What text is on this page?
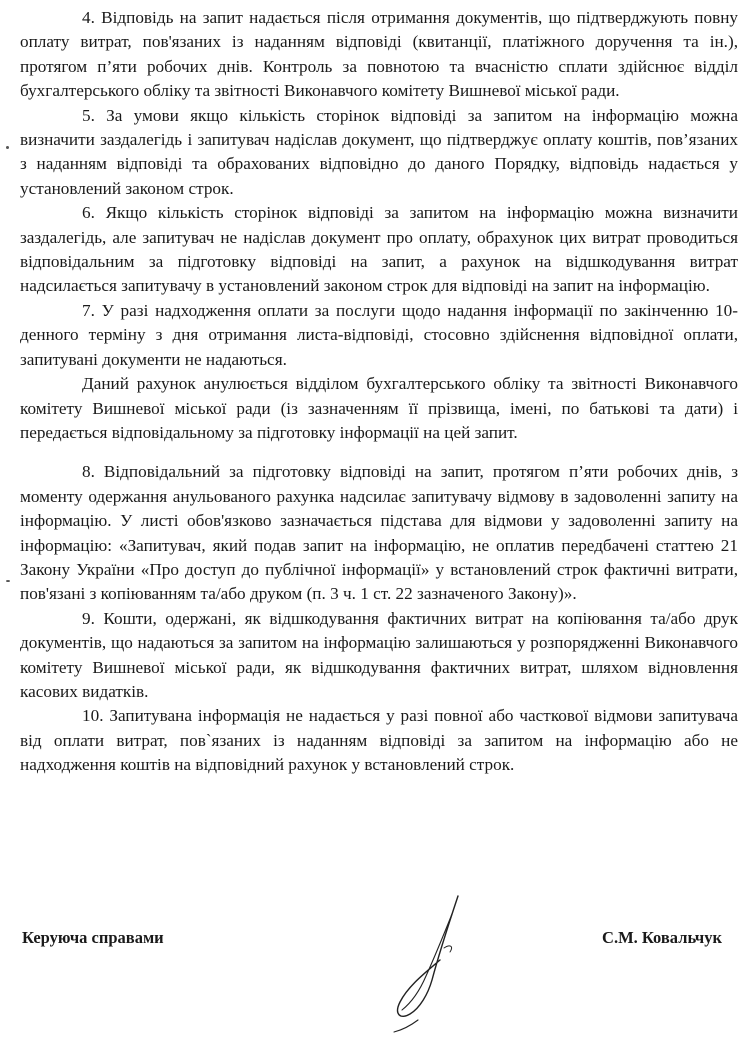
4. Відповідь на запит надається після отримання документів, що підтверджують повну оплату витрат, пов'язаних із наданням відповіді (квитанції, платіжного доручення та ін.), протягом п’яти робочих днів. Контроль за повнотою та вчасністю сплати здійснює відділ бухгалтерського обліку та звітності Виконавчого комітету Вишневої міської ради.

5. За умови якщо кількість сторінок відповіді за запитом на інформацію можна визначити заздалегідь і запитувач надіслав документ, що підтверджує оплату коштів, пов’язаних з наданням відповіді та обрахованих відповідно до даного Порядку, відповідь надається у установлений законом строк.

6. Якщо кількість сторінок відповіді за запитом на інформацію можна визначити заздалегідь, але запитувач не надіслав документ про оплату, обрахунок цих витрат проводиться відповідальним за підготовку відповіді на запит, а рахунок на відшкодування витрат надсилається запитувачу в установлений законом строк для відповіді на запит на інформацію.

7. У разі надходження оплати за послуги щодо надання інформації по закінченню 10-денного терміну з дня отримання листа-відповіді, стосовно здійснення відповідної оплати, запитувані документи не надаються.

Даний рахунок анулюється відділом бухгалтерського обліку та звітності Виконавчого комітету Вишневої міської ради (із зазначенням її прізвища, імені, по батькові та дати) і передається відповідальному за підготовку інформації на цей запит.

8. Відповідальний за підготовку відповіді на запит, протягом п’яти робочих днів, з моменту одержання анульованого рахунка надсилає запитувачу відмову в задоволенні запиту на інформацію. У листі обов'язково зазначається підстава для відмови у задоволенні запиту на інформацію: «Запитувач, який подав запит на інформацію, не оплатив передбачені статтею 21 Закону України «Про доступ до публічної інформації» у встановлений строк фактичні витрати, пов'язані з копіюванням та/або друком (п. 3 ч. 1 ст. 22 зазначеного Закону)».

9. Кошти, одержані, як відшкодування фактичних витрат на копіювання та/або друк документів, що надаються за запитом на інформацію залишаються у розпорядженні Виконавчого комітету Вишневої міської ради, як відшкодування фактичних витрат, шляхом відновлення касових видатків.

10. Запитувана інформація не надається у разі повної або часткової відмови запитувача від оплати витрат, пов`язаних із наданням відповіді за запитом на інформацію або не надходження коштів на відповідний рахунок у встановлений строк.

Керуюча справами	С.М. Ковальчук
